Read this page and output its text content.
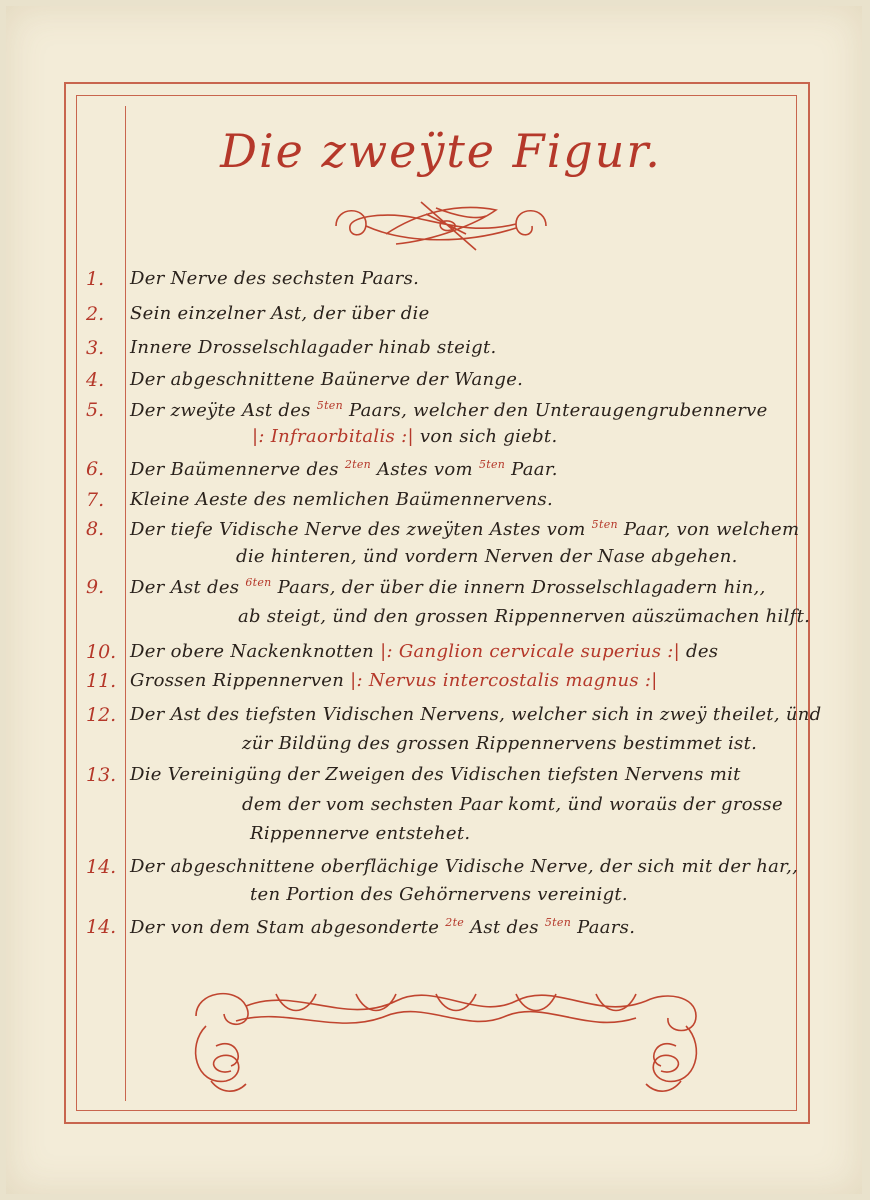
Die zweÿte Figur.
1.	Der Nerve des sechsten Paars.
2.	Sein einzelner Ast, der über die
3.	Innere Drosselschlagader hinab steigt.
4.	Der abgeschnittene Baünerve der Wange.
5.	Der zweÿte Ast des $^{5ten}$ Paars, welcher den Unteraugengrubennerve
|: Infraorbitalis :| von sich giebt.
6.	Der Baümennerve des $^{2ten}$ Astes vom $^{5ten}$ Paar.
7.	Kleine Aeste des nemlichen Baümennervens.
8.	Der tiefe Vidische Nerve des zweÿten Astes vom $^{5ten}$ Paar, von welchem
die hinteren, ünd vordern Nerven der Nase abgehen.
9.	Der Ast des $^{6ten}$ Paars, der über die innern Drosselschlagadern hin,,
ab steigt, ünd den grossen Rippennerven aüszümachen hilft.
10. Der obere Nackenknotten |: Ganglion cervicale superius :| des
11. Grossen Rippennerven |: Nervus intercostalis magnus :|
12. Der Ast des tiefsten Vidischen Nervens, welcher sich in zweÿ theilet, ünd
zür Bildüng des grossen Rippennervens bestimmet ist.
13. Die Vereinigüng der Zweigen des Vidischen tiefsten Nervens mit
dem der vom sechsten Paar komt, ünd woraüs der grosse
Rippennerve entstehet.
14. Der abgeschnittene oberflächige Vidische Nerve, der sich mit der har,,
ten Portion des Gehörnervens vereinigt.
14. Der von dem Stam abgesonderte $^{2te}$ Ast des $^{5ten}$ Paars.
